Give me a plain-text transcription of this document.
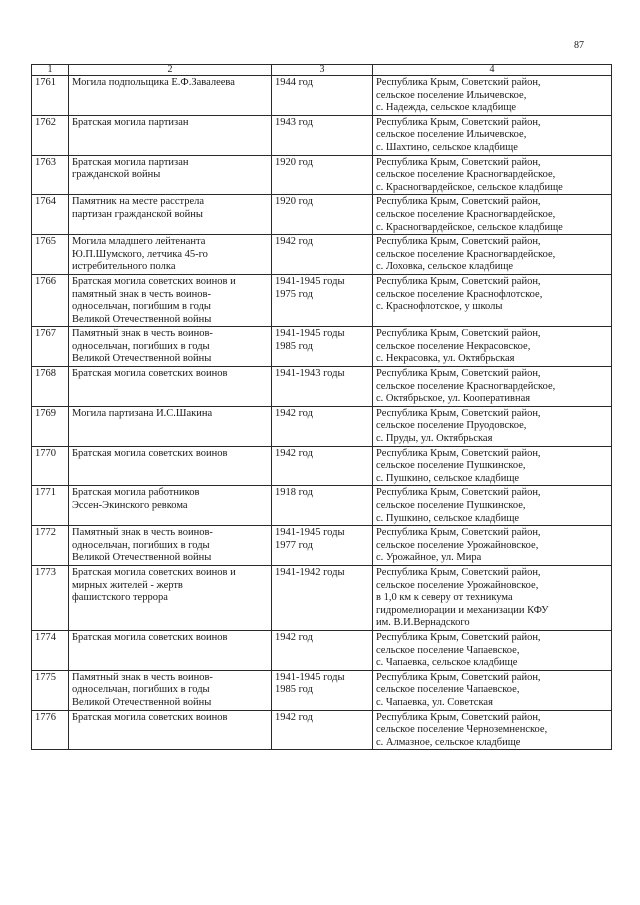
87
1	2	3	4
1761	Могила подпольщика Е.Ф.Завалеева	1944 год	Республика Крым, Советский район,
сельское поселение Ильичевское,
с. Надежда, сельское кладбище

1762	Братская могила партизан	1943 год	Республика Крым, Советский район,
сельское поселение Ильичевское,
с. Шахтино, сельское кладбище

1763	Братская могила партизан
гражданской войны	1920 год	Республика Крым, Советский район,
сельское поселение Красногвардейское,
с. Красногвардейское, сельское кладбище

1764	Памятник на месте расстрела
партизан гражданской войны	1920 год	Республика Крым, Советский район,
сельское поселение Красногвардейское,
с. Красногвардейское, сельское кладбище

1765	Могила младшего лейтенанта
Ю.П.Шумского, летчика 45-го
истребительного полка	1942 год	Республика Крым, Советский район,
сельское поселение Красногвардейское,
с. Лоховка, сельское кладбище

1766	Братская могила советских воинов и
памятный знак в честь воинов-
односельчан, погибшим в годы
Великой Отечественной войны	1941-1945 годы
1975 год	Республика Крым, Советский район,
сельское поселение Краснофлотское,
с. Краснофлотское, у школы

1767	Памятный знак в честь воинов-
односельчан, погибших в годы
Великой Отечественной войны	1941-1945 годы
1985 год	Республика Крым, Советский район,
сельское поселение Некрасовское,
с. Некрасовка, ул. Октябрьская

1768	Братская могила советских воинов	1941-1943 годы	Республика Крым, Советский район,
сельское поселение Красногвардейское,
с. Октябрьское, ул. Кооперативная

1769	Могила партизана И.С.Шакина	1942 год	Республика Крым, Советский район,
сельское поселение Пруодовское,
с. Пруды, ул. Октябрьская

1770	Братская могила советских воинов	1942 год	Республика Крым, Советский район,
сельское поселение Пушкинское,
с. Пушкино, сельское кладбище

1771	Братская могила работников
Эссен-Экинского ревкома	1918 год	Республика Крым, Советский район,
сельское поселение Пушкинское,
с. Пушкино, сельское кладбище

1772	Памятный знак в честь воинов-
односельчан, погибших в годы
Великой Отечественной войны	1941-1945 годы
1977 год	Республика Крым, Советский район,
сельское поселение Урожайновское,
с. Урожайное, ул. Мира

1773	Братская могила советских воинов и
мирных жителей - жертв
фашистского террора	1941-1942 годы	Республика Крым, Советский район,
сельское поселение Урожайновское,
в 1,0 км к северу от техникума
гидромелиорации и механизации КФУ
им. В.И.Вернадского

1774	Братская могила советских воинов	1942 год	Республика Крым, Советский район,
сельское поселение Чапаевское,
с. Чапаевка, сельское кладбище

1775	Памятный знак в честь воинов-
односельчан, погибших в годы
Великой Отечественной войны	1941-1945 годы
1985 год	Республика Крым, Советский район,
сельское поселение Чапаевское,
с. Чапаевка, ул. Советская

1776	Братская могила советских воинов	1942 год	Республика Крым, Советский район,
сельское поселение Черноземненское,
с. Алмазное, сельское кладбище
